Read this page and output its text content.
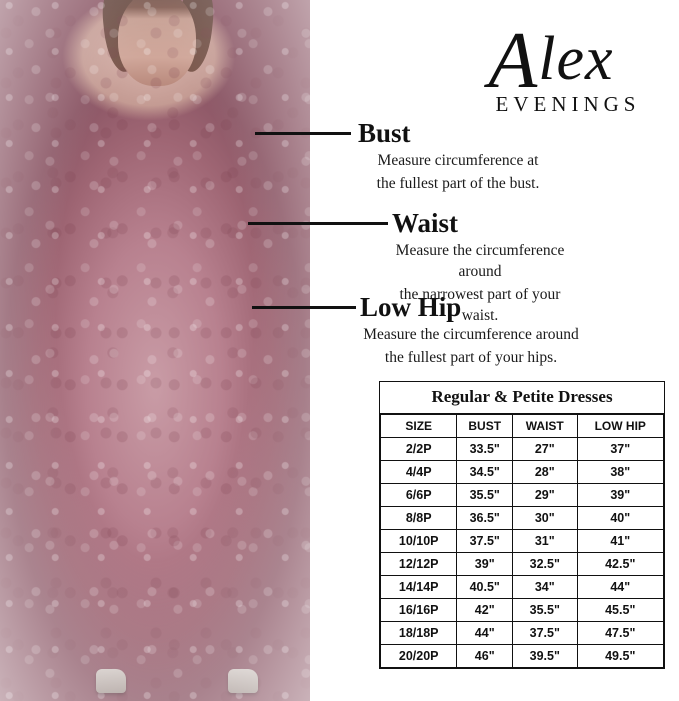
Alex
EVENINGS
Bust

Measure circumference at

the fullest part of the bust.

Waist

Measure the circumference around

the narrowest part of your waist.

Low Hip

Measure the circumference around

the fullest part of your hips.

Regular & Petite Dresses
SIZE	BUST	WAIST	LOW HIP
2/2P	33.5"	27"	37"
4/4P	34.5"	28"	38"
6/6P	35.5"	29"	39"
8/8P	36.5"	30"	40"
10/10P	37.5"	31"	41"
12/12P	39"	32.5"	42.5"
14/14P	40.5"	34"	44"
16/16P	42"	35.5"	45.5"
18/18P	44"	37.5"	47.5"
20/20P	46"	39.5"	49.5"
